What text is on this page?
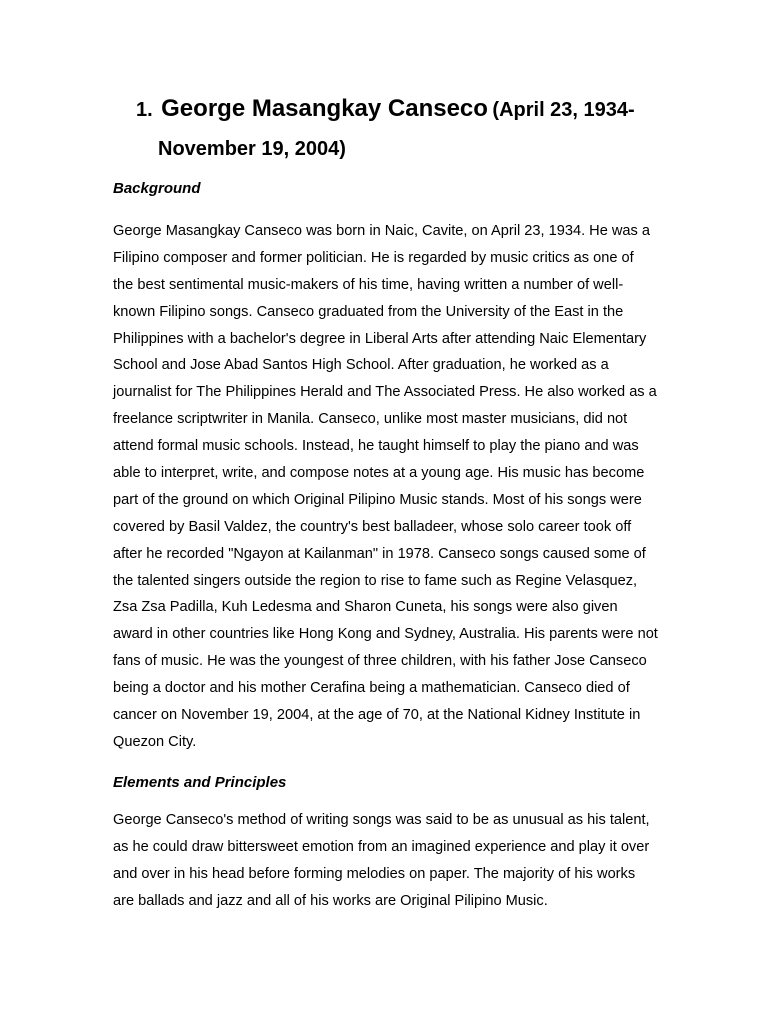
1. George Masangkay Canseco (April 23, 1934-
November 19, 2004)
Background
George Masangkay Canseco was born in Naic, Cavite, on April 23, 1934. He was a
Filipino composer and former politician. He is regarded by music critics as one of
the best sentimental music-makers of his time, having written a number of well-
known Filipino songs. Canseco graduated from the University of the East in the
Philippines with a bachelor's degree in Liberal Arts after attending Naic Elementary
School and Jose Abad Santos High School. After graduation, he worked as a
journalist for The Philippines Herald and The Associated Press. He also worked as a
freelance scriptwriter in Manila. Canseco, unlike most master musicians, did not
attend formal music schools. Instead, he taught himself to play the piano and was
able to interpret, write, and compose notes at a young age. His music has become
part of the ground on which Original Pilipino Music stands. Most of his songs were
covered by Basil Valdez, the country's best balladeer, whose solo career took off
after he recorded "Ngayon at Kailanman" in 1978. Canseco songs caused some of
the talented singers outside the region to rise to fame such as Regine Velasquez,
Zsa Zsa Padilla, Kuh Ledesma and Sharon Cuneta, his songs were also given
award in other countries like Hong Kong and Sydney, Australia. His parents were not
fans of music. He was the youngest of three children, with his father Jose Canseco
being a doctor and his mother Cerafina being a mathematician. Canseco died of
cancer on November 19, 2004, at the age of 70, at the National Kidney Institute in
Quezon City.
Elements and Principles
George Canseco's method of writing songs was said to be as unusual as his talent,
as he could draw bittersweet emotion from an imagined experience and play it over
and over in his head before forming melodies on paper. The majority of his works
are ballads and jazz and all of his works are Original Pilipino Music.
